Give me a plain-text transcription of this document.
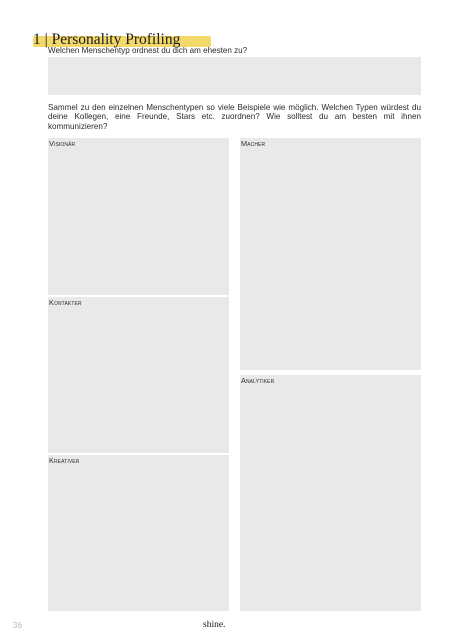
1 | Personality Profiling
Welchen Menschentyp ordnest du dich am ehesten zu?
Sammel zu den einzelnen Menschentypen so viele Beispiele wie möglich. Welchen Typen würdest du deine Kollegen, eine Freunde, Stars etc. zuordnen? Wie solltest du am besten mit ihnen kommunizieren?
Visionär
Kontakter
Kreativer
Macher
Analytiker
36	shine.
